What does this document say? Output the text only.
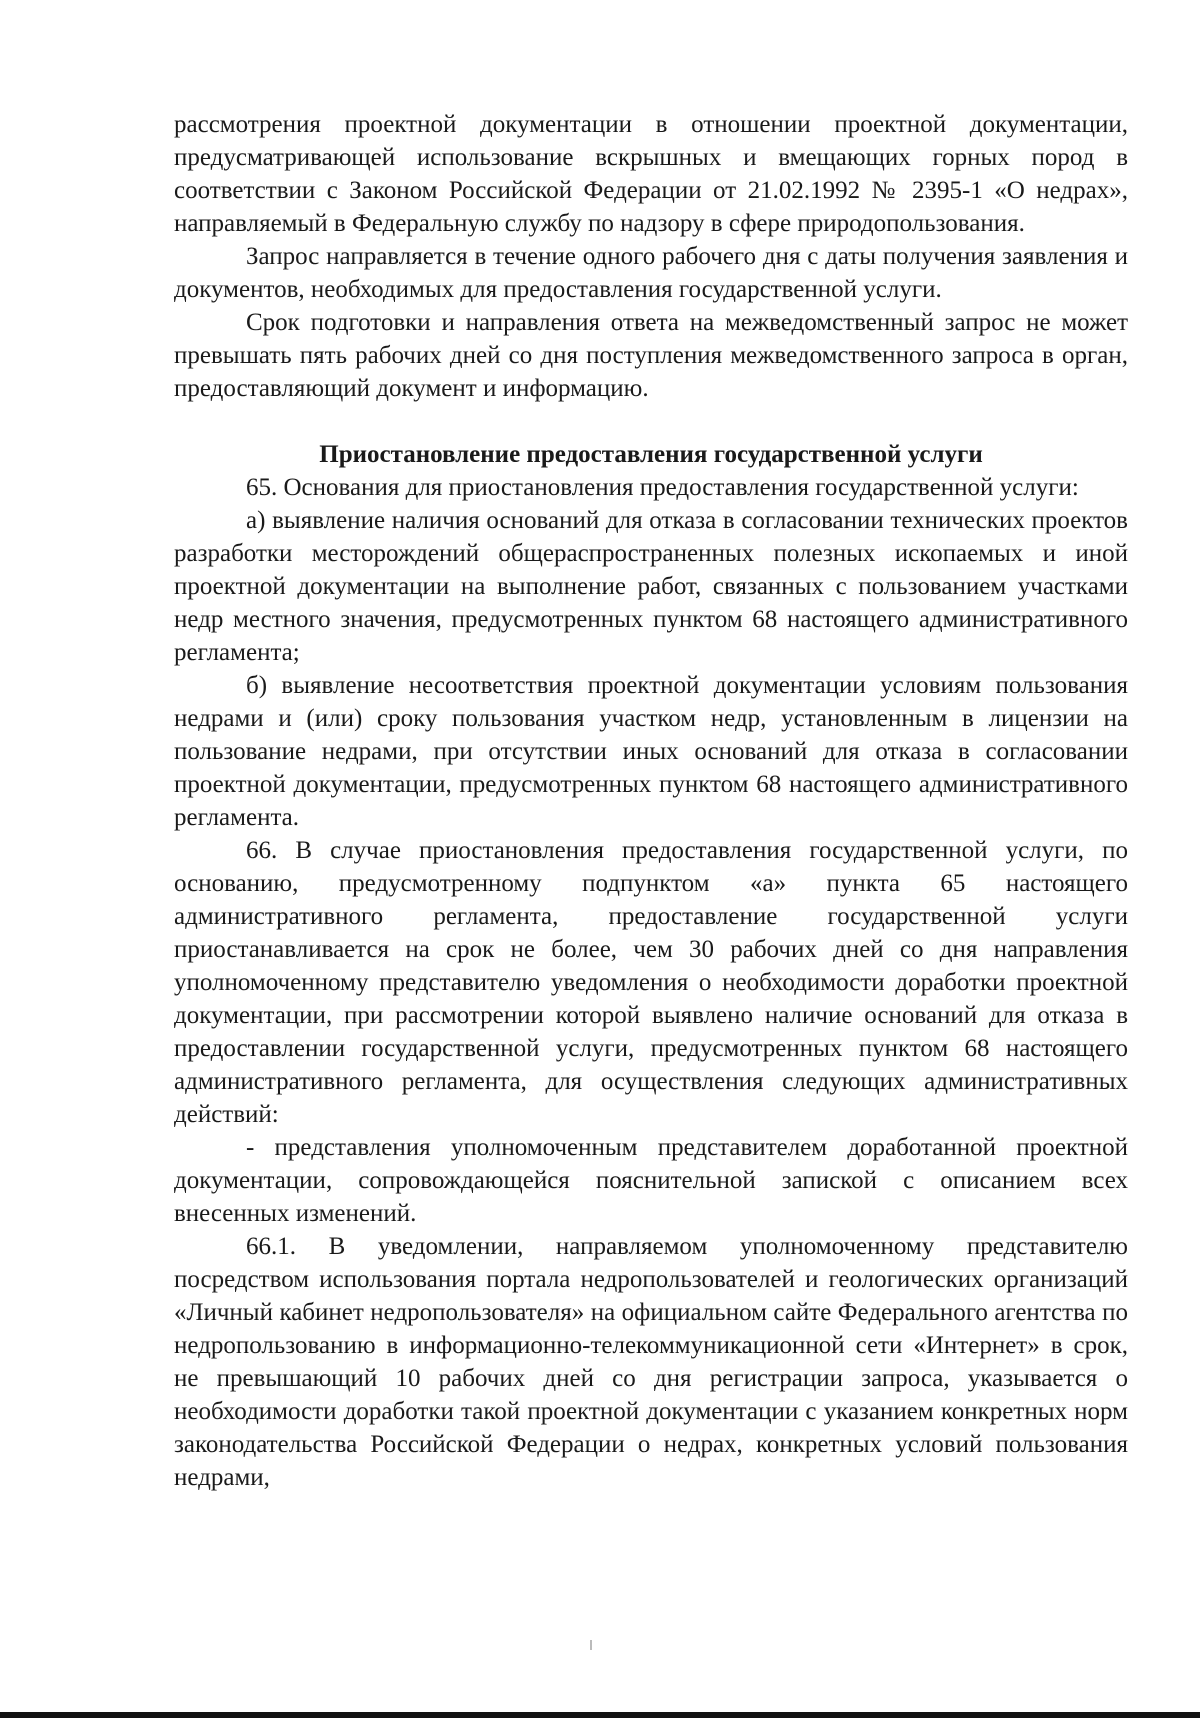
рассмотрения проектной документации в отношении проектной документации, предусматривающей использование вскрышных и вмещающих горных пород в соответствии с Законом Российской Федерации от 21.02.1992 № 2395-1 «О недрах», направляемый в Федеральную службу по надзору в сфере природопользования.

Запрос направляется в течение одного рабочего дня с даты получения заявления и документов, необходимых для предоставления государственной услуги.

Срок подготовки и направления ответа на межведомственный запрос не может превышать пять рабочих дней со дня поступления межведомственного запроса в орган, предоставляющий документ и информацию.

Приостановление предоставления государственной услуги

65. Основания для приостановления предоставления государственной услуги:

а) выявление наличия оснований для отказа в согласовании технических проектов разработки месторождений общераспространенных полезных ископаемых и иной проектной документации на выполнение работ, связанных с пользованием участками недр местного значения, предусмотренных пунктом 68 настоящего административного регламента;

б) выявление несоответствия проектной документации условиям пользования недрами и (или) сроку пользования участком недр, установленным в лицензии на пользование недрами, при отсутствии иных оснований для отказа в согласовании проектной документации, предусмотренных пунктом 68 настоящего административного регламента.

66. В случае приостановления предоставления государственной услуги, по основанию, предусмотренному подпунктом «а» пункта 65 настоящего административного регламента, предоставление государственной услуги приостанавливается на срок не более, чем 30 рабочих дней со дня направления уполномоченному представителю уведомления о необходимости доработки проектной документации, при рассмотрении которой выявлено наличие оснований для отказа в предоставлении государственной услуги, предусмотренных пунктом 68 настоящего административного регламента, для осуществления следующих административных действий:

- представления уполномоченным представителем доработанной проектной документации, сопровождающейся пояснительной запиской с описанием всех внесенных изменений.

66.1. В уведомлении, направляемом уполномоченному представителю посредством использования портала недропользователей и геологических организаций «Личный кабинет недропользователя» на официальном сайте Федерального агентства по недропользованию в информационно-телекоммуникационной сети «Интернет» в срок, не превышающий 10 рабочих дней со дня регистрации запроса, указывается о необходимости доработки такой проектной документации с указанием конкретных норм законодательства Российской Федерации о недрах, конкретных условий пользования недрами,
